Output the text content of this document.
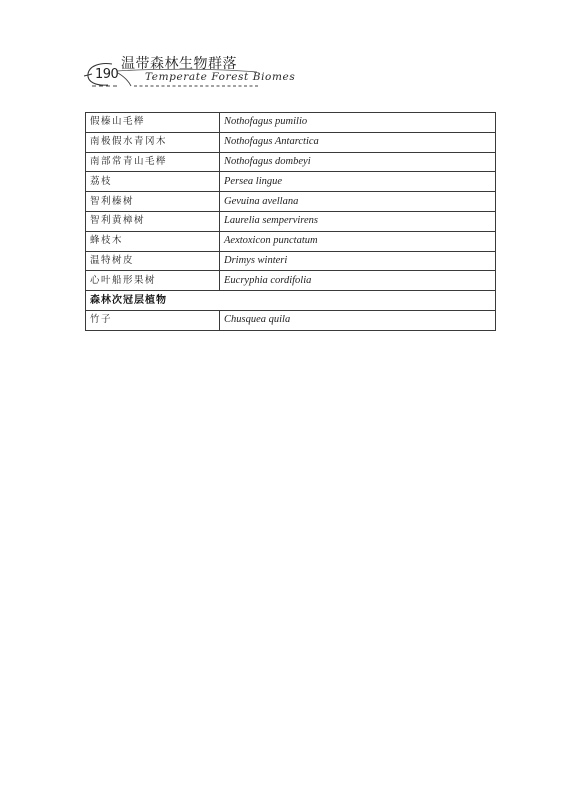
190
温带森林生物群落
Temperate Forest Biomes
假榛山毛榉	Nothofagus pumilio
南极假水青冈木	Nothofagus Antarctica
南部常青山毛榉	Nothofagus dombeyi
荔枝	Persea lingue
智利榛树	Gevuina avellana
智利黄樟树	Laurelia sempervirens
蜂枝木	Aextoxicon punctatum
温特树皮	Drimys winteri
心叶船形果树	Eucryphia cordifolia
森林次冠层植物	
竹子	Chusquea quila
